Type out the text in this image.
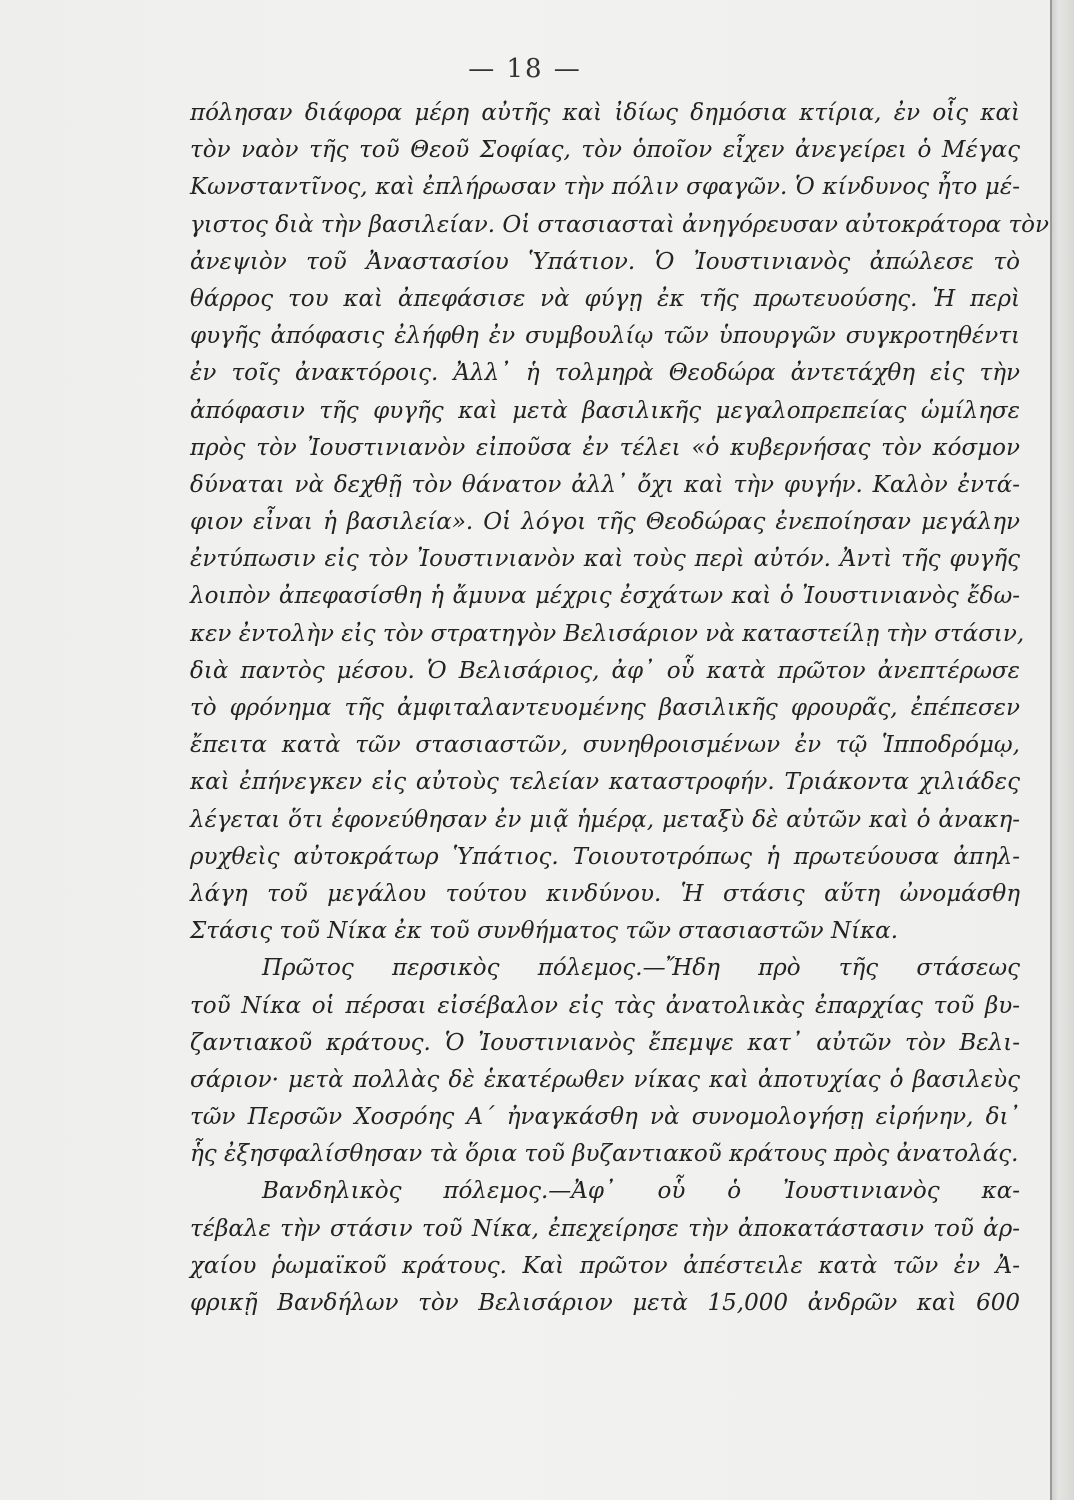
— 18 —
πόλησαν διάφορα μέρη αὐτῆς καὶ ἰδίως δημόσια κτίρια, ἐν οἷς καὶ
τὸν ναὸν τῆς τοῦ Θεοῦ Σοφίας, τὸν ὁποῖον εἶχεν ἀνεγείρει ὁ Μέγας
Κωνσταντῖνος, καὶ ἐπλήρωσαν τὴν πόλιν σφαγῶν. Ὁ κίνδυνος ἦτο μέ-
γιστος διὰ τὴν βασιλείαν. Οἱ στασιασταὶ ἀνηγόρευσαν αὐτοκράτορα τὸν
ἀνεψιὸν τοῦ Ἀναστασίου Ὑπάτιον. Ὁ Ἰουστινιανὸς ἀπώλεσε τὸ
θάρρος του καὶ ἀπεφάσισε νὰ φύγῃ ἐκ τῆς πρωτευούσης. Ἡ περὶ
φυγῆς ἀπόφασις ἐλήφθη ἐν συμβουλίῳ τῶν ὑπουργῶν συγκροτηθέντι
ἐν τοῖς ἀνακτόροις. Ἀλλ᾽ ἡ τολμηρὰ Θεοδώρα ἀντετάχθη εἰς τὴν
ἀπόφασιν τῆς φυγῆς καὶ μετὰ βασιλικῆς μεγαλοπρεπείας ὡμίλησε
πρὸς τὸν Ἰουστινιανὸν εἰποῦσα ἐν τέλει «ὁ κυβερνήσας τὸν κόσμον
δύναται νὰ δεχθῇ τὸν θάνατον ἀλλ᾽ ὄχι καὶ τὴν φυγήν. Καλὸν ἐντά-
φιον εἶναι ἡ βασιλεία». Οἱ λόγοι τῆς Θεοδώρας ἐνεποίησαν μεγάλην
ἐντύπωσιν εἰς τὸν Ἰουστινιανὸν καὶ τοὺς περὶ αὐτόν. Ἀντὶ τῆς φυγῆς
λοιπὸν ἀπεφασίσθη ἡ ἄμυνα μέχρις ἐσχάτων καὶ ὁ Ἰουστινιανὸς ἔδω-
κεν ἐντολὴν εἰς τὸν στρατηγὸν Βελισάριον νὰ καταστείλῃ τὴν στάσιν,
διὰ παντὸς μέσου. Ὁ Βελισάριος, ἀφ᾽ οὗ κατὰ πρῶτον ἀνεπτέρωσε
τὸ φρόνημα τῆς ἀμφιταλαντευομένης βασιλικῆς φρουρᾶς, ἐπέπεσεν
ἔπειτα κατὰ τῶν στασιαστῶν, συνηθροισμένων ἐν τῷ Ἱπποδρόμῳ,
καὶ ἐπήνεγκεν εἰς αὐτοὺς τελείαν καταστροφήν. Τριάκοντα χιλιάδες
λέγεται ὅτι ἐφονεύθησαν ἐν μιᾷ ἡμέρᾳ, μεταξὺ δὲ αὐτῶν καὶ ὁ ἀνακη-
ρυχθεὶς αὐτοκράτωρ Ὑπάτιος. Τοιουτοτρόπως ἡ πρωτεύουσα ἀπηλ-
λάγη τοῦ μεγάλου τούτου κινδύνου. Ἡ στάσις αὕτη ὠνομάσθη
Στάσις τοῦ Νίκα ἐκ τοῦ συνθήματος τῶν στασιαστῶν Νίκα.
Πρῶτος περσικὸς πόλεμος.—Ἤδη πρὸ τῆς στάσεως
τοῦ Νίκα οἱ πέρσαι εἰσέβαλον εἰς τὰς ἀνατολικὰς ἐπαρχίας τοῦ βυ-
ζαντιακοῦ κράτους. Ὁ Ἰουστινιανὸς ἔπεμψε κατ᾽ αὐτῶν τὸν Βελι-
σάριον· μετὰ πολλὰς δὲ ἑκατέρωθεν νίκας καὶ ἀποτυχίας ὁ βασιλεὺς
τῶν Περσῶν Χοσρόης Α΄ ἠναγκάσθη νὰ συνομολογήσῃ εἰρήνην, δι᾽
ἧς ἐξησφαλίσθησαν τὰ ὅρια τοῦ βυζαντιακοῦ κράτους πρὸς ἀνατολάς.
Βανδηλικὸς πόλεμος.—Ἀφ᾽ οὗ ὁ Ἰουστινιανὸς κα-
τέβαλε τὴν στάσιν τοῦ Νίκα, ἐπεχείρησε τὴν ἀποκατάστασιν τοῦ ἀρ-
χαίου ῥωμαϊκοῦ κράτους. Καὶ πρῶτον ἀπέστειλε κατὰ τῶν ἐν Ἀ-
φρικῇ Βανδήλων τὸν Βελισάριον μετὰ 15,000 ἀνδρῶν καὶ 600
